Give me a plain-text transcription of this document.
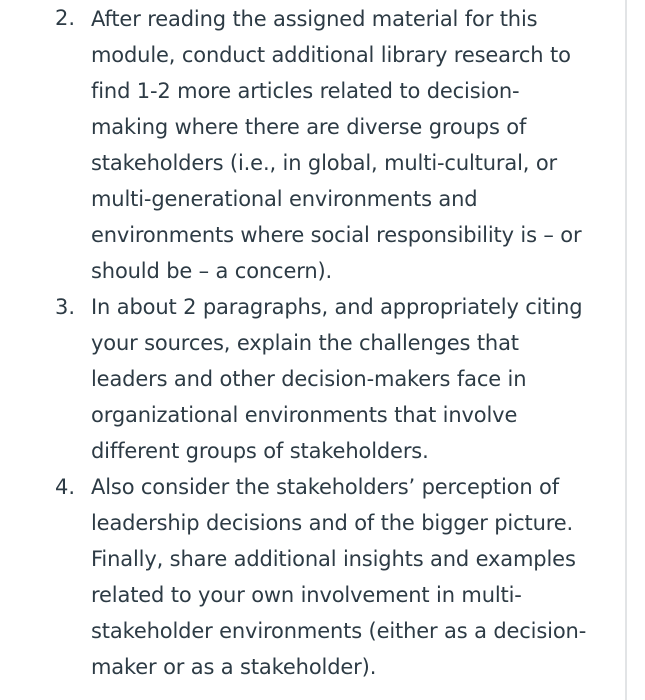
2. After reading the assigned material for this
module, conduct additional library research to
find 1-2 more articles related to decision-
making where there are diverse groups of
stakeholders (i.e., in global, multi-cultural, or
multi-generational environments and
environments where social responsibility is – or
should be – a concern).
3. In about 2 paragraphs, and appropriately citing
your sources, explain the challenges that
leaders and other decision-makers face in
organizational environments that involve
different groups of stakeholders.
4. Also consider the stakeholders’ perception of
leadership decisions and of the bigger picture.
Finally, share additional insights and examples
related to your own involvement in multi-
stakeholder environments (either as a decision-
maker or as a stakeholder).
